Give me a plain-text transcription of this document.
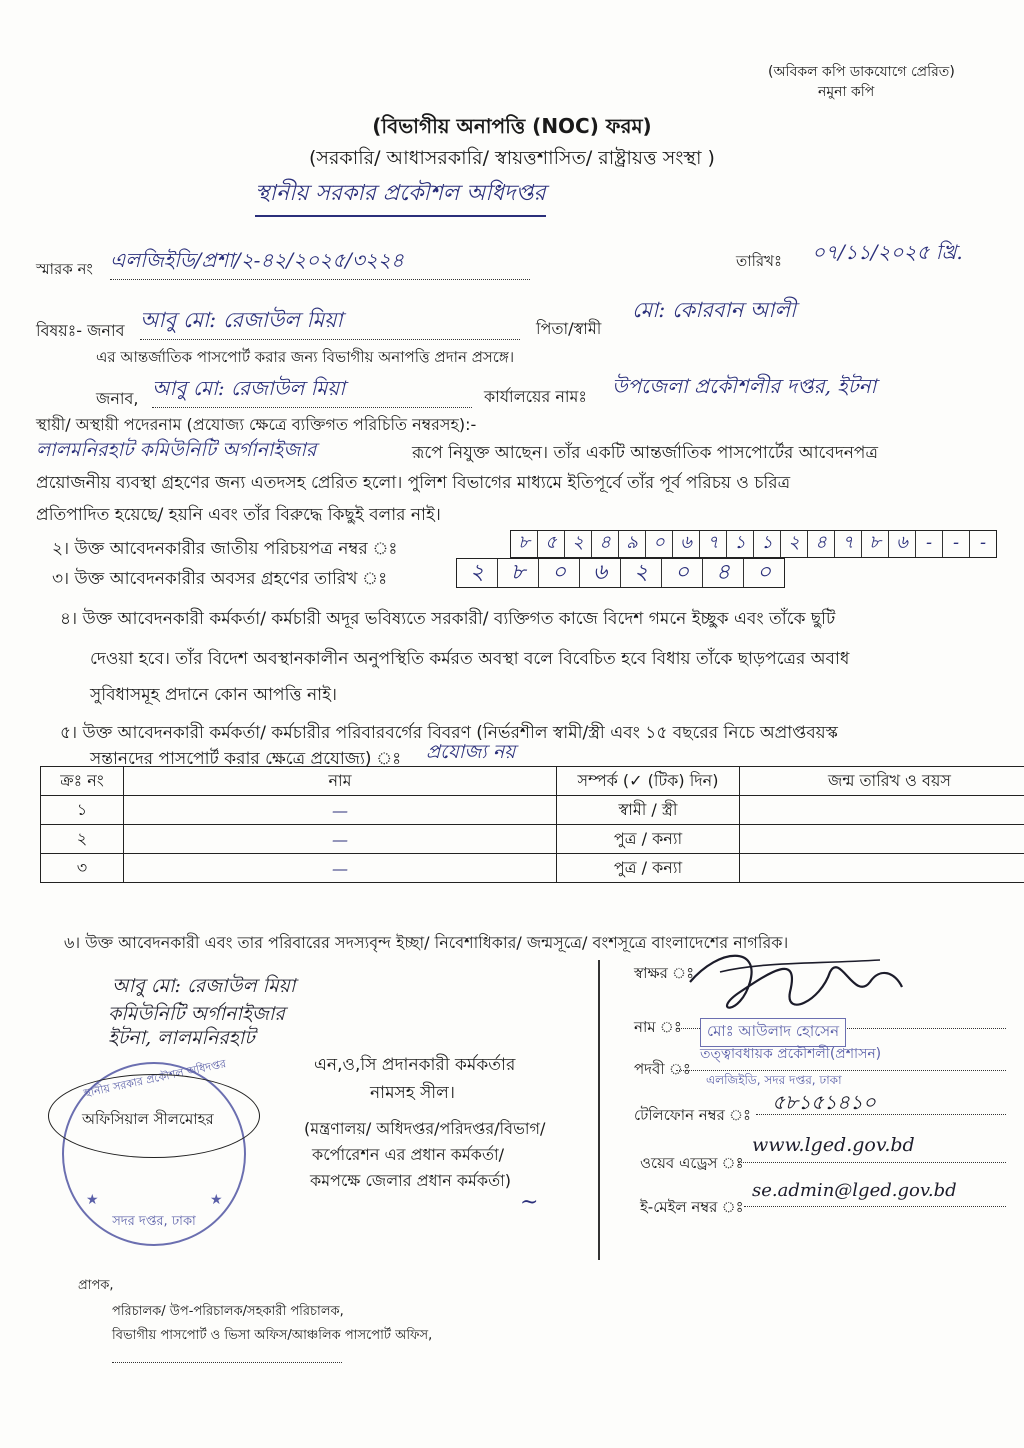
(অবিকল কপি ডাকযোগে প্রেরিত)
নমুনা কপি
(বিভাগীয় অনাপত্তি (NOC) ফরম)
(সরকারি/ আধাসরকারি/ স্বায়ত্তশাসিত/ রাষ্ট্রায়ত্ত সংস্থা )
স্থানীয় সরকার প্রকৌশল অধিদপ্তর
স্মারক নং এলজিইডি/প্রশা/২-৪২/২০২৫/৩২২৪	তারিখঃ ০৭/১১/২০২৫ খ্রি.
বিষয়ঃ- জনাব আবু মো: রেজাউল মিয়া	পিতা/স্বামী
মো: কোরবান আলী
এর আন্তর্জাতিক পাসপোর্ট করার জন্য বিভাগীয় অনাপত্তি প্রদান প্রসঙ্গে।
জনাব, আবু মো: রেজাউল মিয়া	কার্যালয়ের নামঃ উপজেলা প্রকৌশলীর দপ্তর, ইটনা
স্থায়ী/ অস্থায়ী পদেরনাম (প্রযোজ্য ক্ষেত্রে ব্যক্তিগত পরিচিতি নম্বরসহ):-
লালমনিরহাট কমিউনিটি অর্গানাইজার	রূপে নিযুক্ত আছেন। তাঁর একটি আন্তর্জাতিক পাসপোর্টের আবেদনপত্র
প্রয়োজনীয় ব্যবস্থা গ্রহণের জন্য এতদসহ প্রেরিত হলো। পুলিশ বিভাগের মাধ্যমে ইতিপূর্বে তাঁর পূর্ব পরিচয় ও চরিত্র
প্রতিপাদিত হয়েছে/ হয়নি এবং তাঁর বিরুদ্ধে কিছুই বলার নাই।
২। উক্ত আবেদনকারীর জাতীয় পরিচয়পত্র নম্বর ঃ	৮ ৫ ২ ৪ ৯ ০ ৬ ৭ ১ ১ ২ ৪ ৭ ৮ ৬	-	-	-
৩। উক্ত আবেদনকারীর অবসর গ্রহণের তারিখ ঃ	২	৮	০	৬	২	০	৪	০
৪। উক্ত আবেদনকারী কর্মকর্তা/ কর্মচারী অদূর ভবিষ্যতে সরকারী/ ব্যক্তিগত কাজে বিদেশ গমনে ইচ্ছুক এবং তাঁকে ছুটি
দেওয়া হবে। তাঁর বিদেশ অবস্থানকালীন অনুপস্থিতি কর্মরত অবস্থা বলে বিবেচিত হবে বিধায় তাঁকে ছাড়পত্রের অবাধ
সুবিধাসমূহ প্রদানে কোন আপত্তি নাই।
৫। উক্ত আবেদনকারী কর্মকর্তা/ কর্মচারীর পরিবারবর্গের বিবরণ (নির্ভরশীল স্বামী/স্ত্রী এবং ১৫ বছরের নিচে অপ্রাপ্তবয়স্ক
সন্তানদের পাসপোর্ট করার ক্ষেত্রে প্রযোজ্য) ঃ প্রযোজ্য নয়
ক্রঃ নং	নাম	সম্পর্ক (✓ (টিক) দিন)	জন্ম তারিখ ও বয়স
১	—	স্বামী / স্ত্রী	
২	—	পুত্র / কন্যা	
৩	—	পুত্র / কন্যা	
৬। উক্ত আবেদনকারী এবং তার পরিবারের সদস্যবৃন্দ ইচ্ছা/ নিবেশাধিকার/ জন্মসূত্রে/ বংশসূত্রে বাংলাদেশের নাগরিক।
আবু মো: রেজাউল মিয়া
কমিউনিটি অর্গানাইজার
ইটনা, লালমনিরহাট
এন,ও,সি প্রদানকারী কর্মকর্তার
নামসহ সীল।
(মন্ত্রণালয়/ অধিদপ্তর/পরিদপ্তর/বিভাগ/
কর্পোরেশন এর প্রধান কর্মকর্তা/
কমপক্ষে জেলার প্রধান কর্মকর্তা)
~
স্থানীয় সরকার প্রকৌশল অধিদপ্তর
সদর দপ্তর, ঢাকা
★	★
অফিসিয়াল সীলমোহর
স্বাক্ষর ঃ
নাম ঃ	মোঃ আউলাদ হোসেন
পদবী ঃ
তত্ত্বাবধায়ক প্রকৌশলী(প্রশাসন)
এলজিইডি, সদর দপ্তর, ঢাকা
টেলিফোন নম্বর ঃ
৫৮১৫১৪১০
ওয়েব এড্রেস ঃ
www.lged.gov.bd
ই-মেইল নম্বর ঃ
se.admin@lged.gov.bd
প্রাপক,
পরিচালক/ উপ-পরিচালক/সহকারী পরিচালক,
বিভাগীয় পাসপোর্ট ও ভিসা অফিস/আঞ্চলিক পাসপোর্ট অফিস,
